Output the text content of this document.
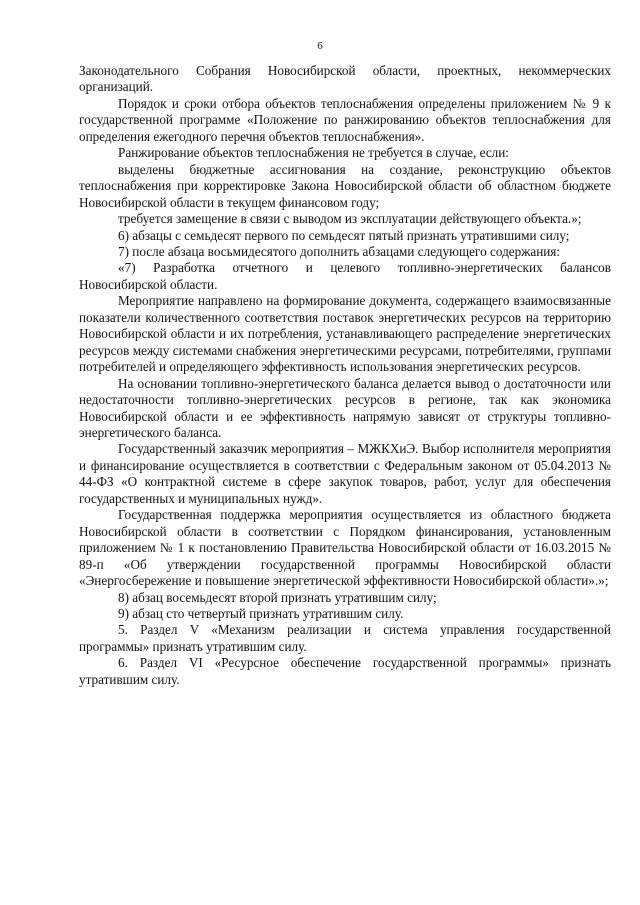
6

Законодательного Собрания Новосибирской области, проектных, некоммерческих организаций.

Порядок и сроки отбора объектов теплоснабжения определены приложением № 9 к государственной программе «Положение по ранжированию объектов теплоснабжения для определения ежегодного перечня объектов теплоснабжения».

Ранжирование объектов теплоснабжения не требуется в случае, если:

выделены бюджетные ассигнования на создание, реконструкцию объектов теплоснабжения при корректировке Закона Новосибирской области об областном бюджете Новосибирской области в текущем финансовом году;

требуется замещение в связи с выводом из эксплуатации действующего объекта.»;

6) абзацы с семьдесят первого по семьдесят пятый признать утратившими силу;

7) после абзаца восьмидесятого дополнить абзацами следующего содержания:

«7) Разработка отчетного и целевого топливно-энергетических балансов Новосибирской области.

Мероприятие направлено на формирование документа, содержащего взаимосвязанные показатели количественного соответствия поставок энергетических ресурсов на территорию Новосибирской области и их потребления, устанавливающего распределение энергетических ресурсов между системами снабжения энергетическими ресурсами, потребителями, группами потребителей и определяющего эффективность использования энергетических ресурсов.

На основании топливно-энергетического баланса делается вывод о достаточности или недостаточности топливно-энергетических ресурсов в регионе, так как экономика Новосибирской области и ее эффективность напрямую зависят от структуры топливно-энергетического баланса.

Государственный заказчик мероприятия – МЖКХиЭ. Выбор исполнителя мероприятия и финансирование осуществляется в соответствии с Федеральным законом от 05.04.2013 № 44-ФЗ «О контрактной системе в сфере закупок товаров, работ, услуг для обеспечения государственных и муниципальных нужд».

Государственная поддержка мероприятия осуществляется из областного бюджета Новосибирской области в соответствии с Порядком финансирования, установленным приложением № 1 к постановлению Правительства Новосибирской области от 16.03.2015 № 89-п «Об утверждении государственной программы Новосибирской области «Энергосбережение и повышение энергетической эффективности Новосибирской области».»;

8) абзац восемьдесят второй признать утратившим силу;

9) абзац сто четвертый признать утратившим силу.

5. Раздел V «Механизм реализации и система управления государственной программы» признать утратившим силу.

6. Раздел VI «Ресурсное обеспечение государственной программы» признать утратившим силу.
